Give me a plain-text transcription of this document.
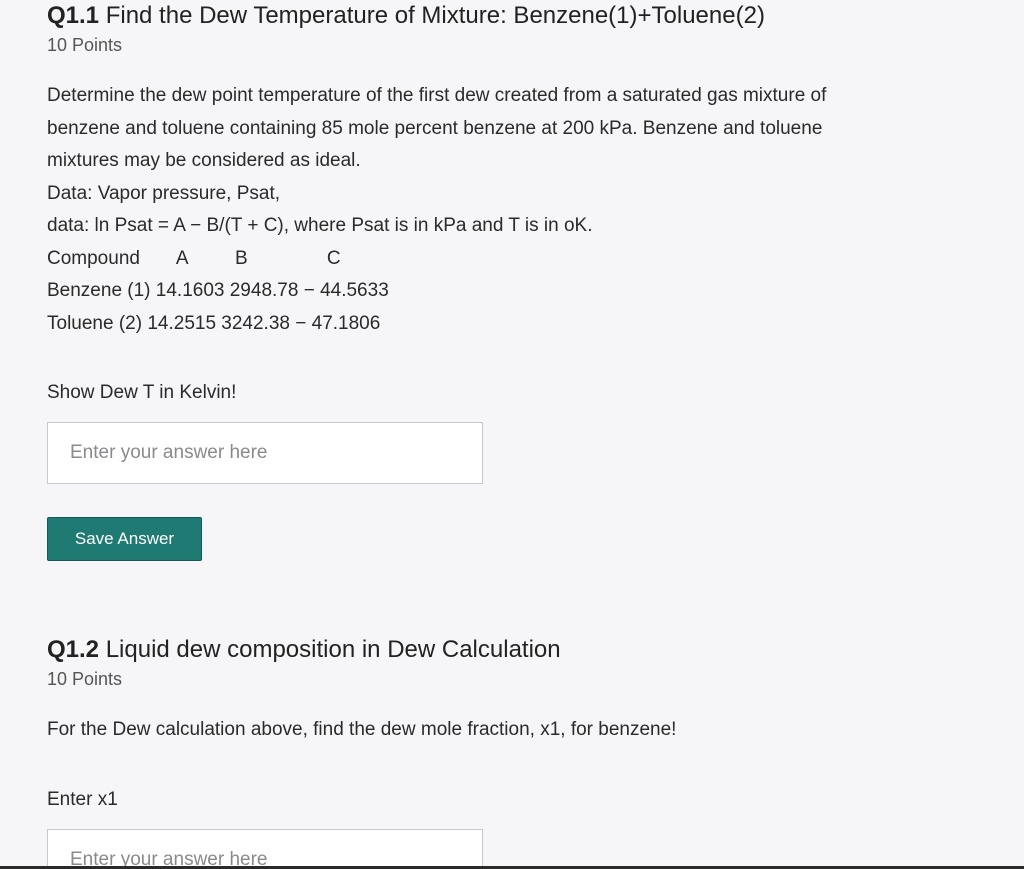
Q1.1 Find the Dew Temperature of Mixture: Benzene(1)+Toluene(2)
10 Points
Determine the dew point temperature of the first dew created from a saturated gas mixture of
benzene and toluene containing 85 mole percent benzene at 200 kPa. Benzene and toluene
mixtures may be considered as ideal.
Data: Vapor pressure, Psat,
data: ln Psat = A − B/(T + C), where Psat is in kPa and T is in oK.
Compound       A         B               C
Benzene (1) 14.1603 2948.78 − 44.5633
Toluene (2) 14.2515 3242.38 − 47.1806
Show Dew T in Kelvin!
Enter your answer here Save Answer
Q1.2 Liquid dew composition in Dew Calculation
10 Points
For the Dew calculation above, find the dew mole fraction, x1, for benzene!
Enter x1
Enter your answer here
